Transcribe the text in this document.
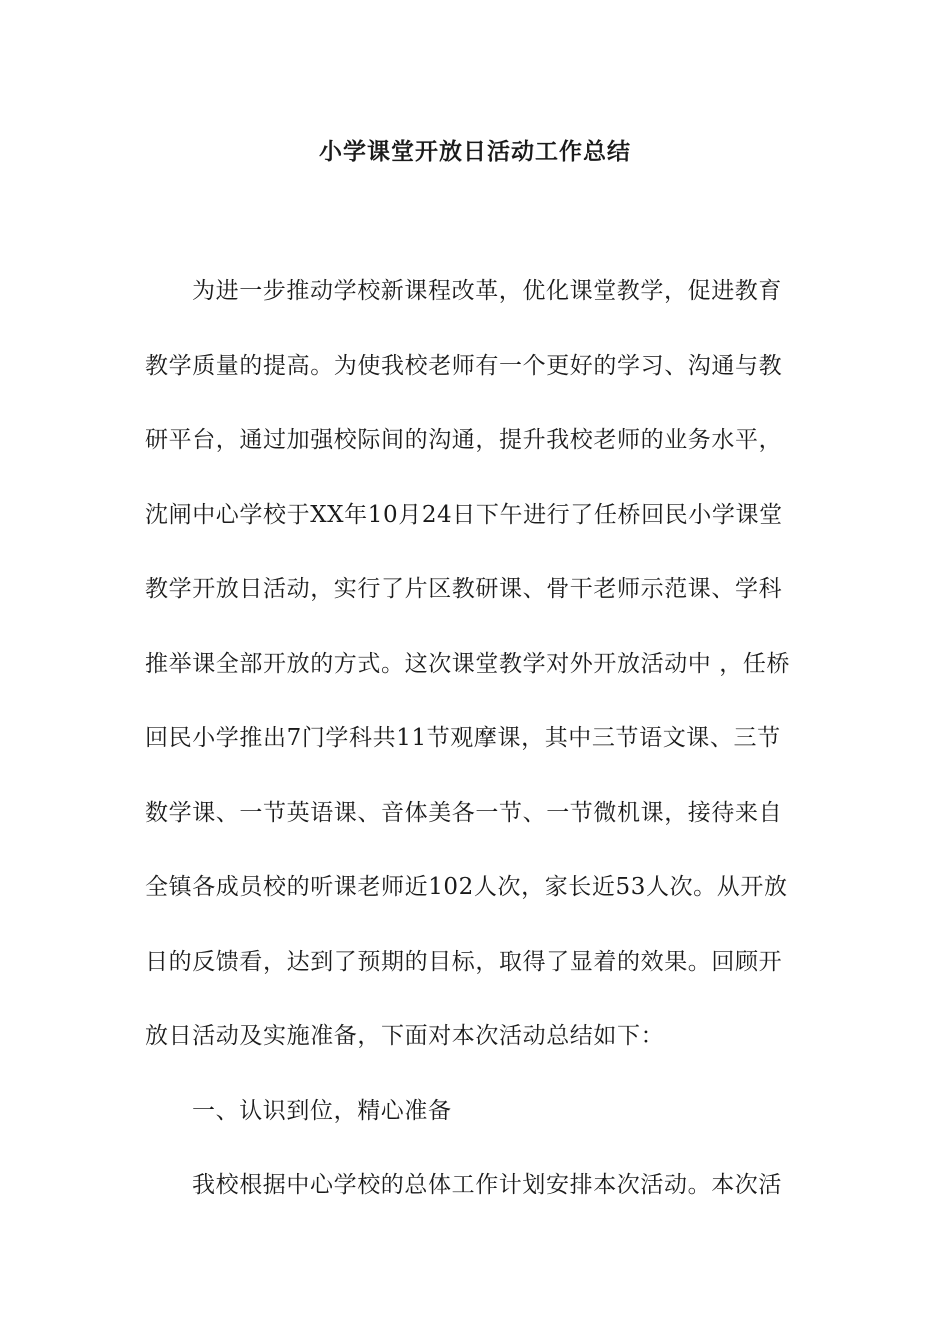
小学课堂开放日活动工作总结
为进一步推动学校新课程改革，优化课堂教学，促进教育
教学质量的提高。为使我校老师有一个更好的学习、沟通与教
研平台，通过加强校际间的沟通，提升我校老师的业务水平，
沈闸中心学校于XX年10月24日下午进行了任桥回民小学课堂
教学开放日活动，实行了片区教研课、骨干老师示范课、学科
推举课全部开放的方式。这次课堂教学对外开放活动中 ，任桥
回民小学推出7门学科共11节观摩课，其中三节语文课、三节
数学课、一节英语课、音体美各一节、一节微机课，接待来自
全镇各成员校的听课老师近102人次，家长近53人次。从开放
日的反馈看，达到了预期的目标，取得了显着的效果。回顾开
放日活动及实施准备，下面对本次活动总结如下：
一、认识到位，精心准备
我校根据中心学校的总体工作计划安排本次活动。本次活
